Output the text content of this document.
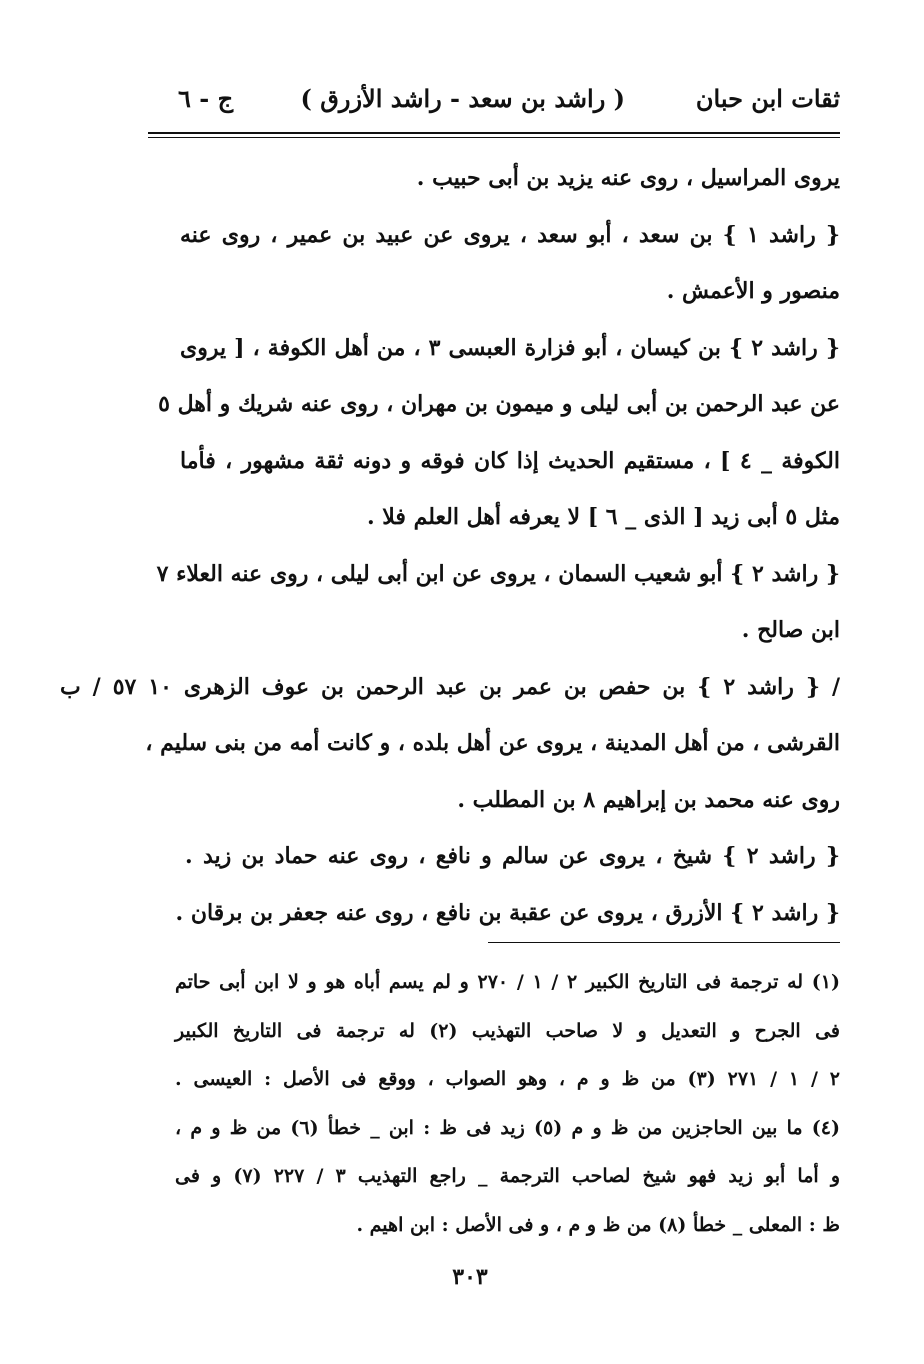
ثقات ابن حبان
( راشد بن سعد - راشد الأزرق )
ج - ٦
يروى المراسيل ، روى عنه يزيد بن أبى حبيب .
{ راشد ١ } بن سعد ، أبو سعد ، يروى عن عبيد بن عمير ، روى عنه
منصور و الأعمش .
{ راشد ٢ } بن كيسان ، أبو فزارة العبسى ٣ ، من أهل الكوفة ، [ يروى
عن عبد الرحمن بن أبى ليلى و ميمون بن مهران ، روى عنه شريك و أهل ٥
الكوفة _ ٤ ] ، مستقيم الحديث إذا كان فوقه و دونه ثقة مشهور ، فأما
مثل ٥ أبى زيد [ الذى _ ٦ ] لا يعرفه أهل العلم فلا .
{ راشد ٢ } أبو شعيب السمان ، يروى عن ابن أبى ليلى ، روى عنه العلاء ٧
ابن صالح .
/ { راشد ٢ } بن حفص بن عمر بن عبد الرحمن بن عوف الزهرى ١٠ ٥٧ / ب
القرشى ، من أهل المدينة ، يروى عن أهل بلده ، و كانت أمه من بنى سليم ،
روى عنه محمد بن إبراهيم ٨ بن المطلب .
{ راشد ٢ } شيخ ، يروى عن سالم و نافع ، روى عنه حماد بن زيد .
{ راشد ٢ } الأزرق ، يروى عن عقبة بن نافع ، روى عنه جعفر بن برقان .
(١) له ترجمة فى التاريخ الكبير ٢ / ١ / ٢٧٠ و لم يسم أباه هو و لا ابن أبى حاتم
فى الجرح و التعديل و لا صاحب التهذيب (٢) له ترجمة فى التاريخ الكبير
٢ / ١ / ٢٧١ (٣) من ظ و م ، وهو الصواب ، ووقع فى الأصل : العيسى .
(٤) ما بين الحاجزين من ظ و م (٥) زيد فى ظ : ابن _ خطأ (٦) من ظ و م ،
و أما أبو زيد فهو شيخ لصاحب الترجمة _ راجع التهذيب ٣ / ٢٢٧ (٧) و فى
ظ : المعلى _ خطأ (٨) من ظ و م ، و فى الأصل : ابن اهيم .
٣٠٣
